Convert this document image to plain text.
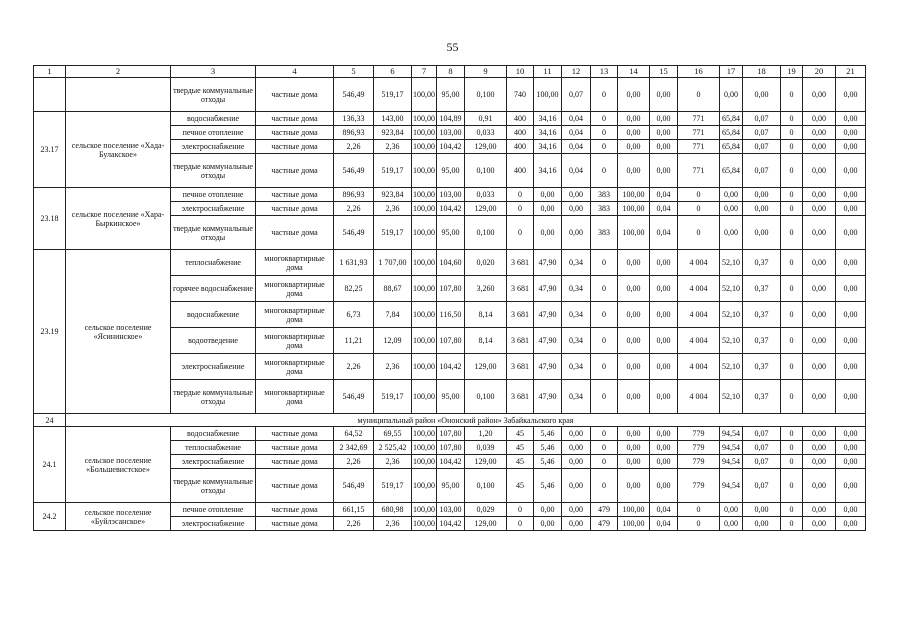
55
1	2	3	4	5	6	7	8	9	10	11	12	13	14	15	16	17	18	19	20	21
		твердые коммунальные отходы	частные дома	546,49	519,17	100,00	95,00	0,100	740	100,00	0,07	0	0,00	0,00	0	0,00	0,00	0	0,00	0,00
23.17	сельское поселение «Хада-Булакское»	водоснабжение	частные дома	136,33	143,00	100,00	104,89	0,91	400	34,16	0,04	0	0,00	0,00	771	65,84	0,07	0	0,00	0,00
		печное отопление	частные дома	896,93	923,84	100,00	103,00	0,033	400	34,16	0,04	0	0,00	0,00	771	65,84	0,07	0	0,00	0,00
		электроснабжение	частные дома	2,26	2,36	100,00	104,42	129,00	400	34,16	0,04	0	0,00	0,00	771	65,84	0,07	0	0,00	0,00
		твердые коммунальные отходы	частные дома	546,49	519,17	100,00	95,00	0,100	400	34,16	0,04	0	0,00	0,00	771	65,84	0,07	0	0,00	0,00
23.18	сельское поселение «Хара-Быркинское»	печное отопление	частные дома	896,93	923,84	100,00	103,00	0,033	0	0,00	0,00	383	100,00	0,04	0	0,00	0,00	0	0,00	0,00
		электроснабжение	частные дома	2,26	2,36	100,00	104,42	129,00	0	0,00	0,00	383	100,00	0,04	0	0,00	0,00	0	0,00	0,00
		твердые коммунальные отходы	частные дома	546,49	519,17	100,00	95,00	0,100	0	0,00	0,00	383	100,00	0,04	0	0,00	0,00	0	0,00	0,00
23.19	сельское поселение «Ясининское»	теплоснабжение	многоквартирные дома	1 631,93	1 707,00	100,00	104,60	0,020	3 681	47,90	0,34	0	0,00	0,00	4 004	52,10	0,37	0	0,00	0,00
		горячее водоснабжение	многоквартирные дома	82,25	88,67	100,00	107,80	3,260	3 681	47,90	0,34	0	0,00	0,00	4 004	52,10	0,37	0	0,00	0,00
		водоснабжение	многоквартирные дома	6,73	7,84	100,00	116,50	8,14	3 681	47,90	0,34	0	0,00	0,00	4 004	52,10	0,37	0	0,00	0,00
		водоотведение	многоквартирные дома	11,21	12,09	100,00	107,80	8,14	3 681	47,90	0,34	0	0,00	0,00	4 004	52,10	0,37	0	0,00	0,00
		электроснабжение	многоквартирные дома	2,26	2,36	100,00	104,42	129,00	3 681	47,90	0,34	0	0,00	0,00	4 004	52,10	0,37	0	0,00	0,00
		твердые коммунальные отходы	многоквартирные дома	546,49	519,17	100,00	95,00	0,100	3 681	47,90	0,34	0	0,00	0,00	4 004	52,10	0,37	0	0,00	0,00
24	муниципальный район «Ононский район» Забайкальского края																			
24.1	сельское поселение «Большевистское»	водоснабжение	частные дома	64,52	69,55	100,00	107,80	1,20	45	5,46	0,00	0	0,00	0,00	779	94,54	0,07	0	0,00	0,00
		теплоснабжение	частные дома	2 342,69	2 525,42	100,00	107,80	0,039	45	5,46	0,00	0	0,00	0,00	779	94,54	0,07	0	0,00	0,00
		электроснабжение	частные дома	2,26	2,36	100,00	104,42	129,00	45	5,46	0,00	0	0,00	0,00	779	94,54	0,07	0	0,00	0,00
		твердые коммунальные отходы	частные дома	546,49	519,17	100,00	95,00	0,100	45	5,46	0,00	0	0,00	0,00	779	94,54	0,07	0	0,00	0,00
24.2	сельское поселение «Буйлэсанское»	печное отопление	частные дома	661,15	680,98	100,00	103,00	0,029	0	0,00	0,00	479	100,00	0,04	0	0,00	0,00	0	0,00	0,00
		электроснабжение	частные дома	2,26	2,36	100,00	104,42	129,00	0	0,00	0,00	479	100,00	0,04	0	0,00	0,00	0	0,00	0,00
